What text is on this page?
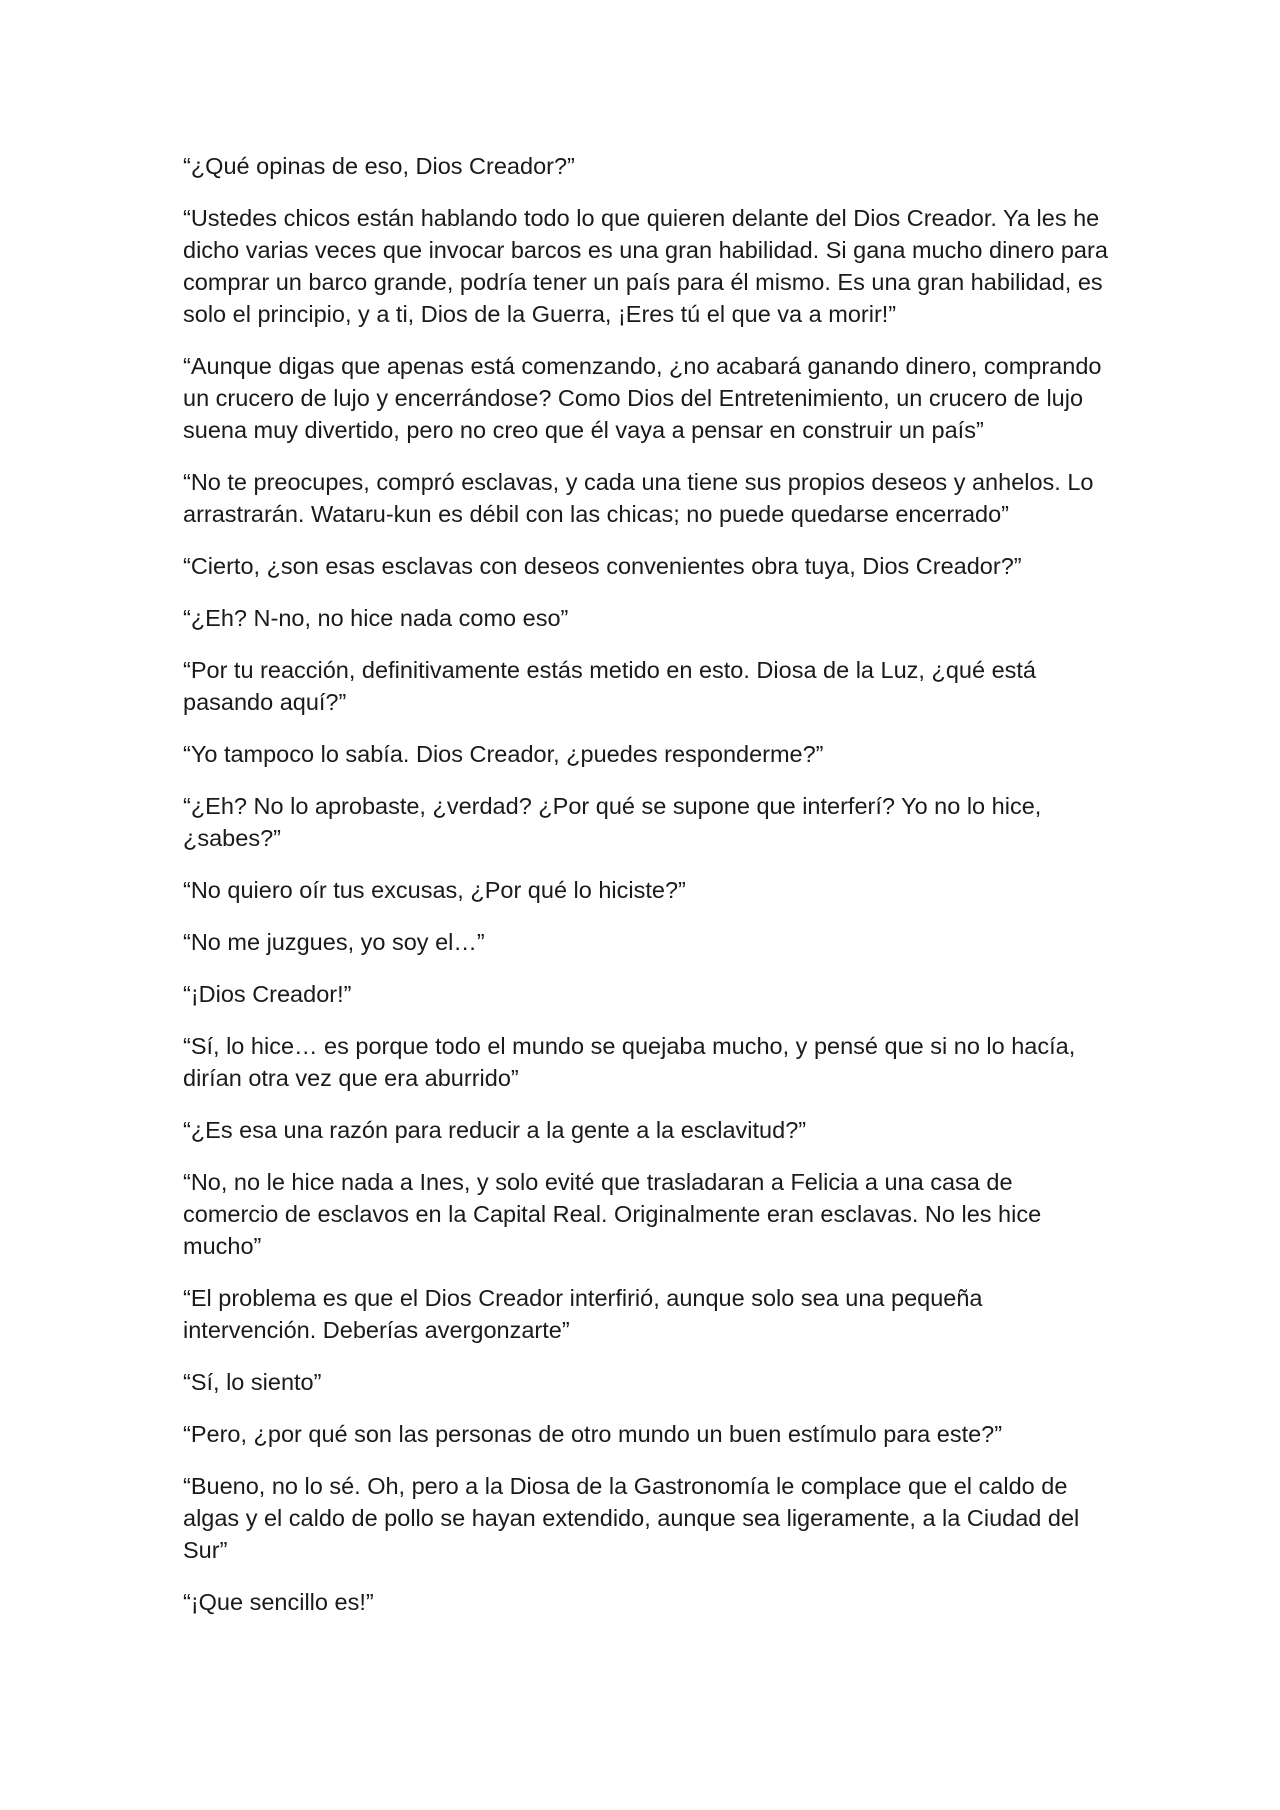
“¿Qué opinas de eso, Dios Creador?”

“Ustedes chicos están hablando todo lo que quieren delante del Dios Creador. Ya les he dicho varias veces que invocar barcos es una gran habilidad. Si gana mucho dinero para comprar un barco grande, podría tener un país para él mismo. Es una gran habilidad, es solo el principio, y a ti, Dios de la Guerra, ¡Eres tú el que va a morir!”

“Aunque digas que apenas está comenzando, ¿no acabará ganando dinero, comprando un crucero de lujo y encerrándose? Como Dios del Entretenimiento, un crucero de lujo suena muy divertido, pero no creo que él vaya a pensar en construir un país”

“No te preocupes, compró esclavas, y cada una tiene sus propios deseos y anhelos. Lo arrastrarán. Wataru-kun es débil con las chicas; no puede quedarse encerrado”

“Cierto, ¿son esas esclavas con deseos convenientes obra tuya, Dios Creador?”

“¿Eh? N-no, no hice nada como eso”

“Por tu reacción, definitivamente estás metido en esto. Diosa de la Luz, ¿qué está pasando aquí?”

“Yo tampoco lo sabía. Dios Creador, ¿puedes responderme?”

“¿Eh? No lo aprobaste, ¿verdad? ¿Por qué se supone que interferí? Yo no lo hice, ¿sabes?”

“No quiero oír tus excusas, ¿Por qué lo hiciste?”

“No me juzgues, yo soy el…”

“¡Dios Creador!”

“Sí, lo hice… es porque todo el mundo se quejaba mucho, y pensé que si no lo hacía, dirían otra vez que era aburrido”

“¿Es esa una razón para reducir a la gente a la esclavitud?”

“No, no le hice nada a Ines, y solo evité que trasladaran a Felicia a una casa de comercio de esclavos en la Capital Real. Originalmente eran esclavas. No les hice mucho”

“El problema es que el Dios Creador interfirió, aunque solo sea una pequeña intervención. Deberías avergonzarte”

“Sí, lo siento”

“Pero, ¿por qué son las personas de otro mundo un buen estímulo para este?”

“Bueno, no lo sé. Oh, pero a la Diosa de la Gastronomía le complace que el caldo de algas y el caldo de pollo se hayan extendido, aunque sea ligeramente, a la Ciudad del Sur”

“¡Que sencillo es!”
